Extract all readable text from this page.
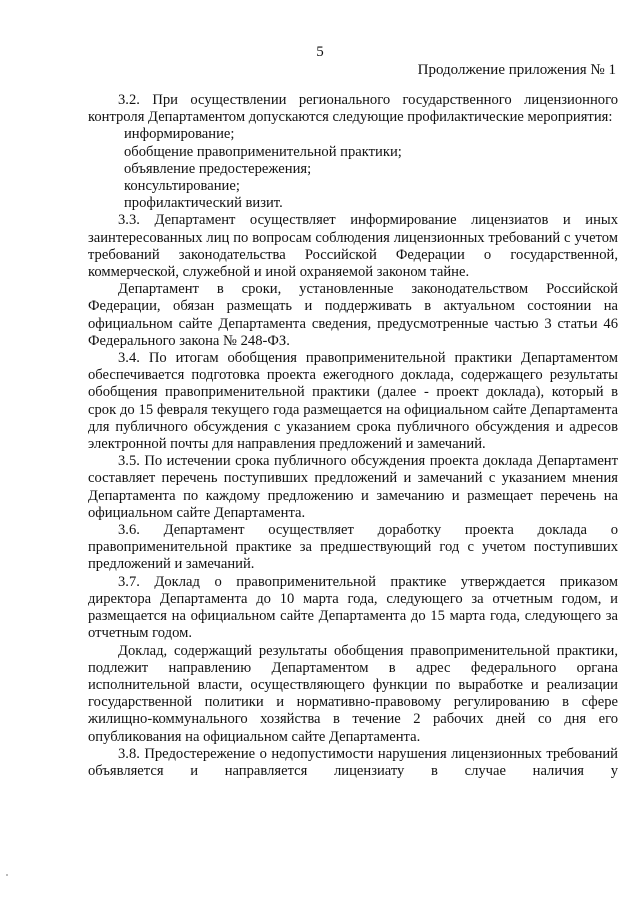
5
Продолжение приложения № 1

3.2. При осуществлении регионального государственного лицензионного контроля Департаментом допускаются следующие профилактические мероприятия:

информирование;

обобщение правоприменительной практики;

объявление предостережения;

консультирование;

профилактический визит.

3.3. Департамент осуществляет информирование лицензиатов и иных заинтересованных лиц по вопросам соблюдения лицензионных требований с учетом требований законодательства Российской Федерации о государственной, коммерческой, служебной и иной охраняемой законом тайне.

Департамент в сроки, установленные законодательством Российской Федерации, обязан размещать и поддерживать в актуальном состоянии на официальном сайте Департамента сведения, предусмотренные частью 3 статьи 46 Федерального закона № 248-ФЗ.

3.4. По итогам обобщения правоприменительной практики Департаментом обеспечивается подготовка проекта ежегодного доклада, содержащего результаты обобщения правоприменительной практики (далее - проект доклада), который в срок до 15 февраля текущего года размещается на официальном сайте Департамента для публичного обсуждения с указанием срока публичного обсуждения и адресов электронной почты для направления предложений и замечаний.

3.5. По истечении срока публичного обсуждения проекта доклада Департамент составляет перечень поступивших предложений и замечаний с указанием мнения Департамента по каждому предложению и замечанию и размещает перечень на официальном сайте Департамента.

3.6. Департамент осуществляет доработку проекта доклада о правоприменительной практике за предшествующий год с учетом поступивших предложений и замечаний.

3.7. Доклад о правоприменительной практике утверждается приказом директора Департамента до 10 марта года, следующего за отчетным годом, и размещается на официальном сайте Департамента до 15 марта года, следующего за отчетным годом.

Доклад, содержащий результаты обобщения правоприменительной практики, подлежит направлению Департаментом в адрес федерального органа исполнительной власти, осуществляющего функции по выработке и реализации государственной политики и нормативно-правовому регулированию в сфере жилищно-коммунального хозяйства в течение 2 рабочих дней со дня его опубликования на официальном сайте Департамента.

3.8. Предостережение о недопустимости нарушения лицензионных требований объявляется и направляется лицензиату в случае наличия у
